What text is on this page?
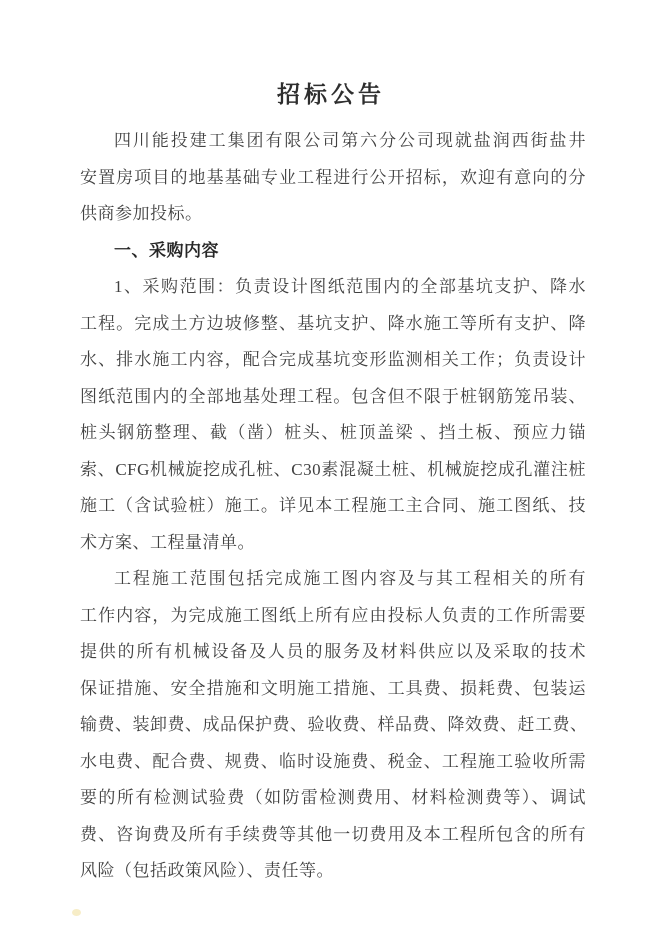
招标公告
四川能投建工集团有限公司第六分公司现就盐润西街盐井
安置房项目的地基基础专业工程进行公开招标，欢迎有意向的分
供商参加投标。
一、采购内容
1、采购范围：负责设计图纸范围内的全部基坑支护、降水
工程。完成土方边坡修整、基坑支护、降水施工等所有支护、降
水、排水施工内容，配合完成基坑变形监测相关工作；负责设计
图纸范围内的全部地基处理工程。包含但不限于桩钢筋笼吊装、
桩头钢筋整理、截（凿）桩头、桩顶盖梁 、挡土板、预应力锚
索、CFG机械旋挖成孔桩、C30素混凝土桩、机械旋挖成孔灌注桩
施工（含试验桩）施工。详见本工程施工主合同、施工图纸、技
术方案、工程量清单。
工程施工范围包括完成施工图内容及与其工程相关的所有
工作内容，为完成施工图纸上所有应由投标人负责的工作所需要
提供的所有机械设备及人员的服务及材料供应以及采取的技术
保证措施、安全措施和文明施工措施、工具费、损耗费、包装运
输费、装卸费、成品保护费、验收费、样品费、降效费、赶工费、
水电费、配合费、规费、临时设施费、税金、工程施工验收所需
要的所有检测试验费（如防雷检测费用、材料检测费等）、调试
费、咨询费及所有手续费等其他一切费用及本工程所包含的所有
风险（包括政策风险）、责任等。
